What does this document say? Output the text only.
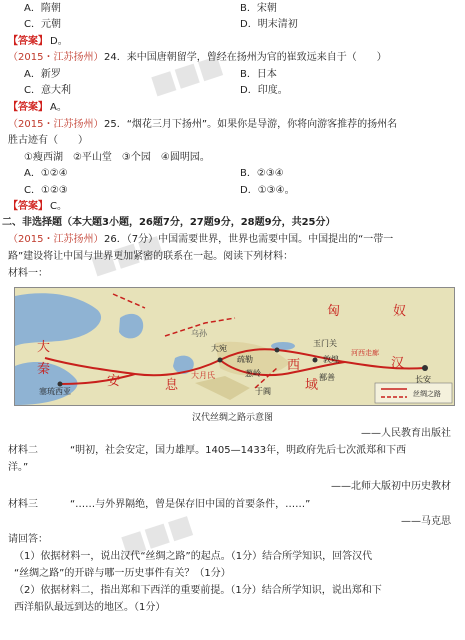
■■■
■■■
■■■
A．隋朝	B．宋朝
C．元朝	D．明末清初
【答案】 D。
（2015・江苏扬州） 24．来中国唐朝留学，曾经在扬州为官的崔致远来自于（　　）
A．新罗	B．日本
C．意大利	D．印度。
【答案】 A。
（2015・江苏扬州） 25．“烟花三月下扬州”。如果你是导游，你将向游客推荐的扬州名
胜古迹有（　　）
①瘦西湖　②平山堂　③个园　④圆明园。
A．①②④	B．②③④
C．①②③	D．①③④。
【答案】 C。
二、非选择题（本大题3小题，26题7分，27题9分，28题9分，共25分）
（2015・江苏扬州） 26．（7分）中国需要世界，世界也需要中国。中国提出的“一带一
路”建设将让中国与世界更加紧密的联系在一起。阅读下列材料：
材料一：
匈	奴
大
秦
安	息
大月氏
大宛
疏勒
葱岭
于阗
玉门关
敦煌
河西走廊
鄯善
西
域
汉
长安
塞琉西亚
乌孙
丝绸之路
汉代丝绸之路示意图
——人民教育出版社
材料二	“明初，社会安定，国力雄厚。1405—1433年，明政府先后七次派郑和下西
洋。”
——北师大版初中历史教材
材料三	“……与外界隔绝，曾是保存旧中国的首要条件，……”
——马克思
请回答：
（1）依据材料一，说出汉代“丝绸之路”的起点。（1分）结合所学知识，回答汉代
“丝绸之路”的开辟与哪一历史事件有关？（1分）
（2）依据材料二，指出郑和下西洋的重要前提。（1分）结合所学知识，说出郑和下
西洋船队最远到达的地区。（1分）
